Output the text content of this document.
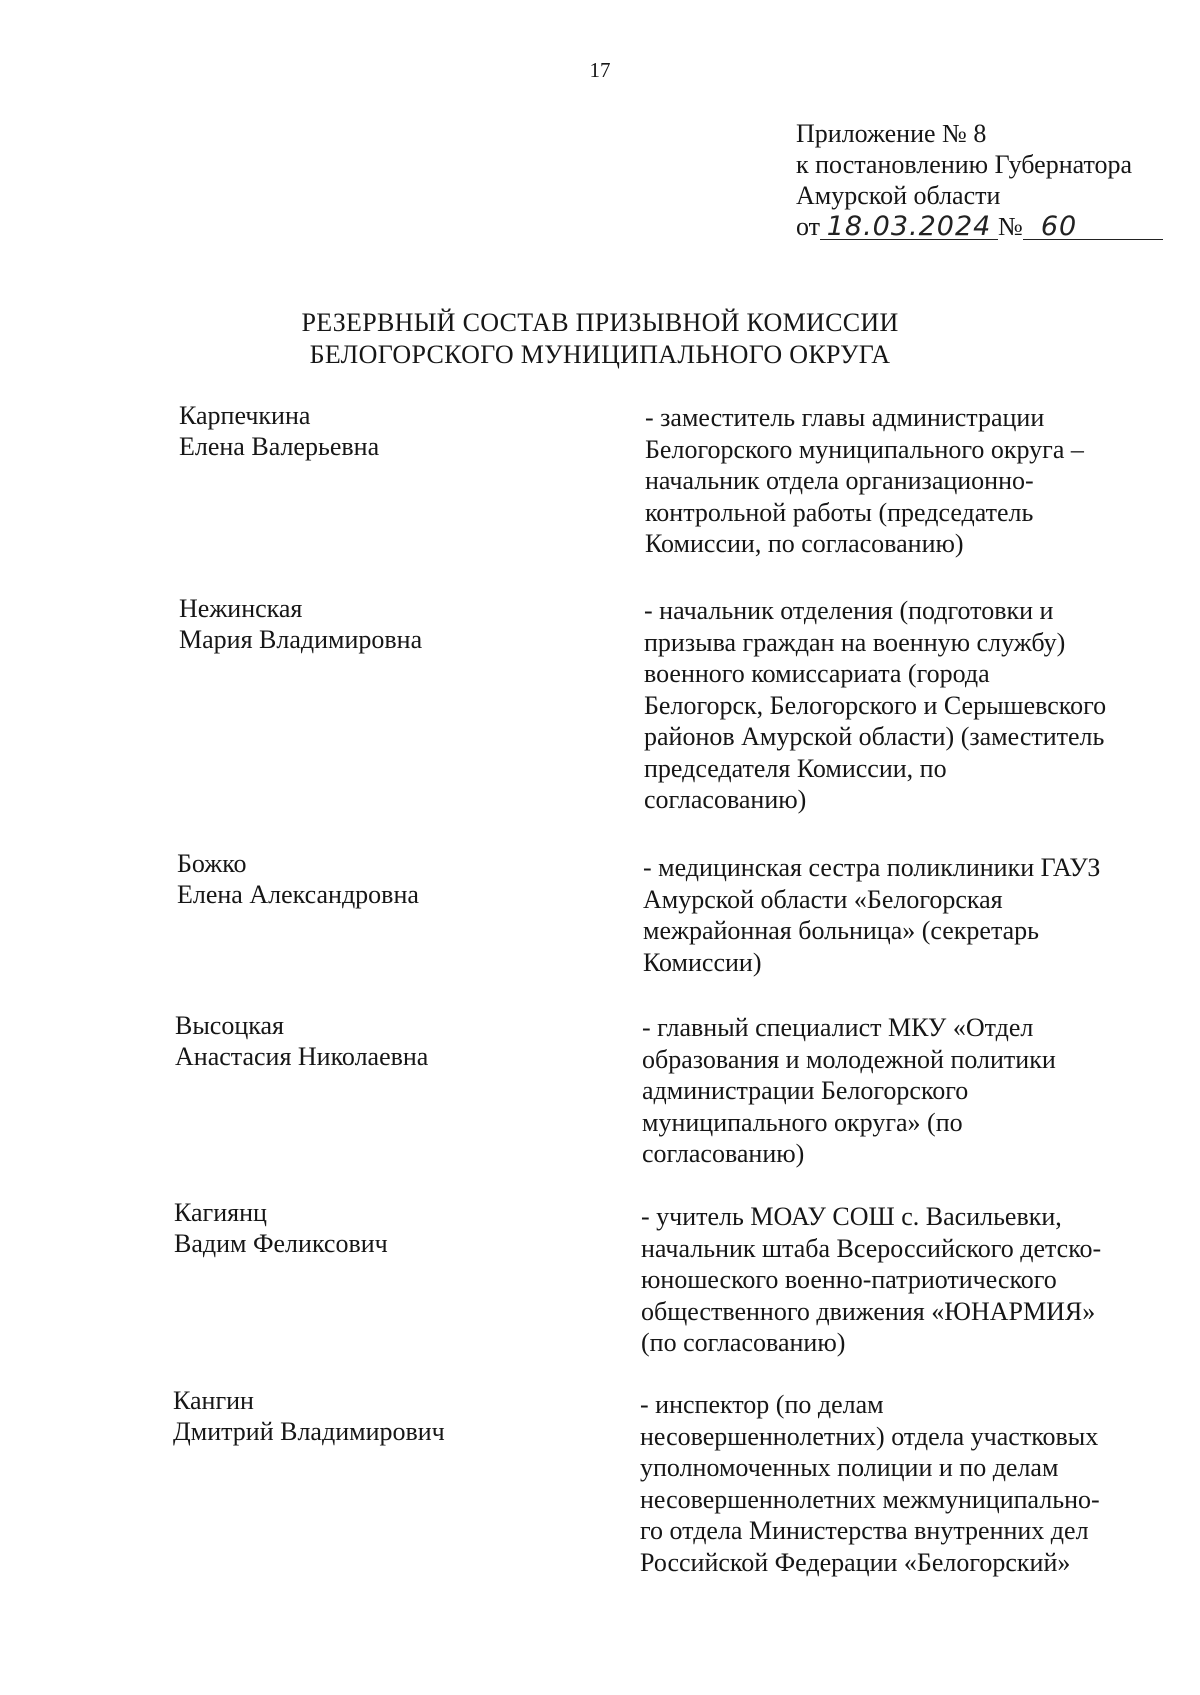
17
Приложение № 8
к постановлению Губернатора
Амурской области
от 18.03.2024 № 60
РЕЗЕРВНЫЙ СОСТАВ ПРИЗЫВНОЙ КОМИССИИ
БЕЛОГОРСКОГО МУНИЦИПАЛЬНОГО ОКРУГА
Карпечкина
Елена Валерьевна
- заместитель главы администрации
Белогорского муниципального округа –
начальник отдела организационно-
контрольной работы (председатель
Комиссии, по согласованию)
Нежинская
Мария Владимировна
- начальник отделения (подготовки и
призыва граждан на военную службу)
военного комиссариата (города
Белогорск, Белогорского и Серышевского
районов Амурской области) (заместитель
председателя Комиссии, по
согласованию)
Божко
Елена Александровна
- медицинская сестра поликлиники ГАУЗ
Амурской области «Белогорская
межрайонная больница» (секретарь
Комиссии)
Высоцкая
Анастасия Николаевна
- главный специалист МКУ «Отдел
образования и молодежной политики
администрации Белогорского
муниципального округа» (по
согласованию)
Кагиянц
Вадим Феликсович
- учитель МОАУ СОШ с. Васильевки,
начальник штаба Всероссийского детско-
юношеского военно-патриотического
общественного движения «ЮНАРМИЯ»
(по согласованию)
Кангин
Дмитрий Владимирович
- инспектор (по делам
несовершеннолетних) отдела участковых
уполномоченных полиции и по делам
несовершеннолетних межмуниципально-
го отдела Министерства внутренних дел
Российской Федерации «Белогорский»
